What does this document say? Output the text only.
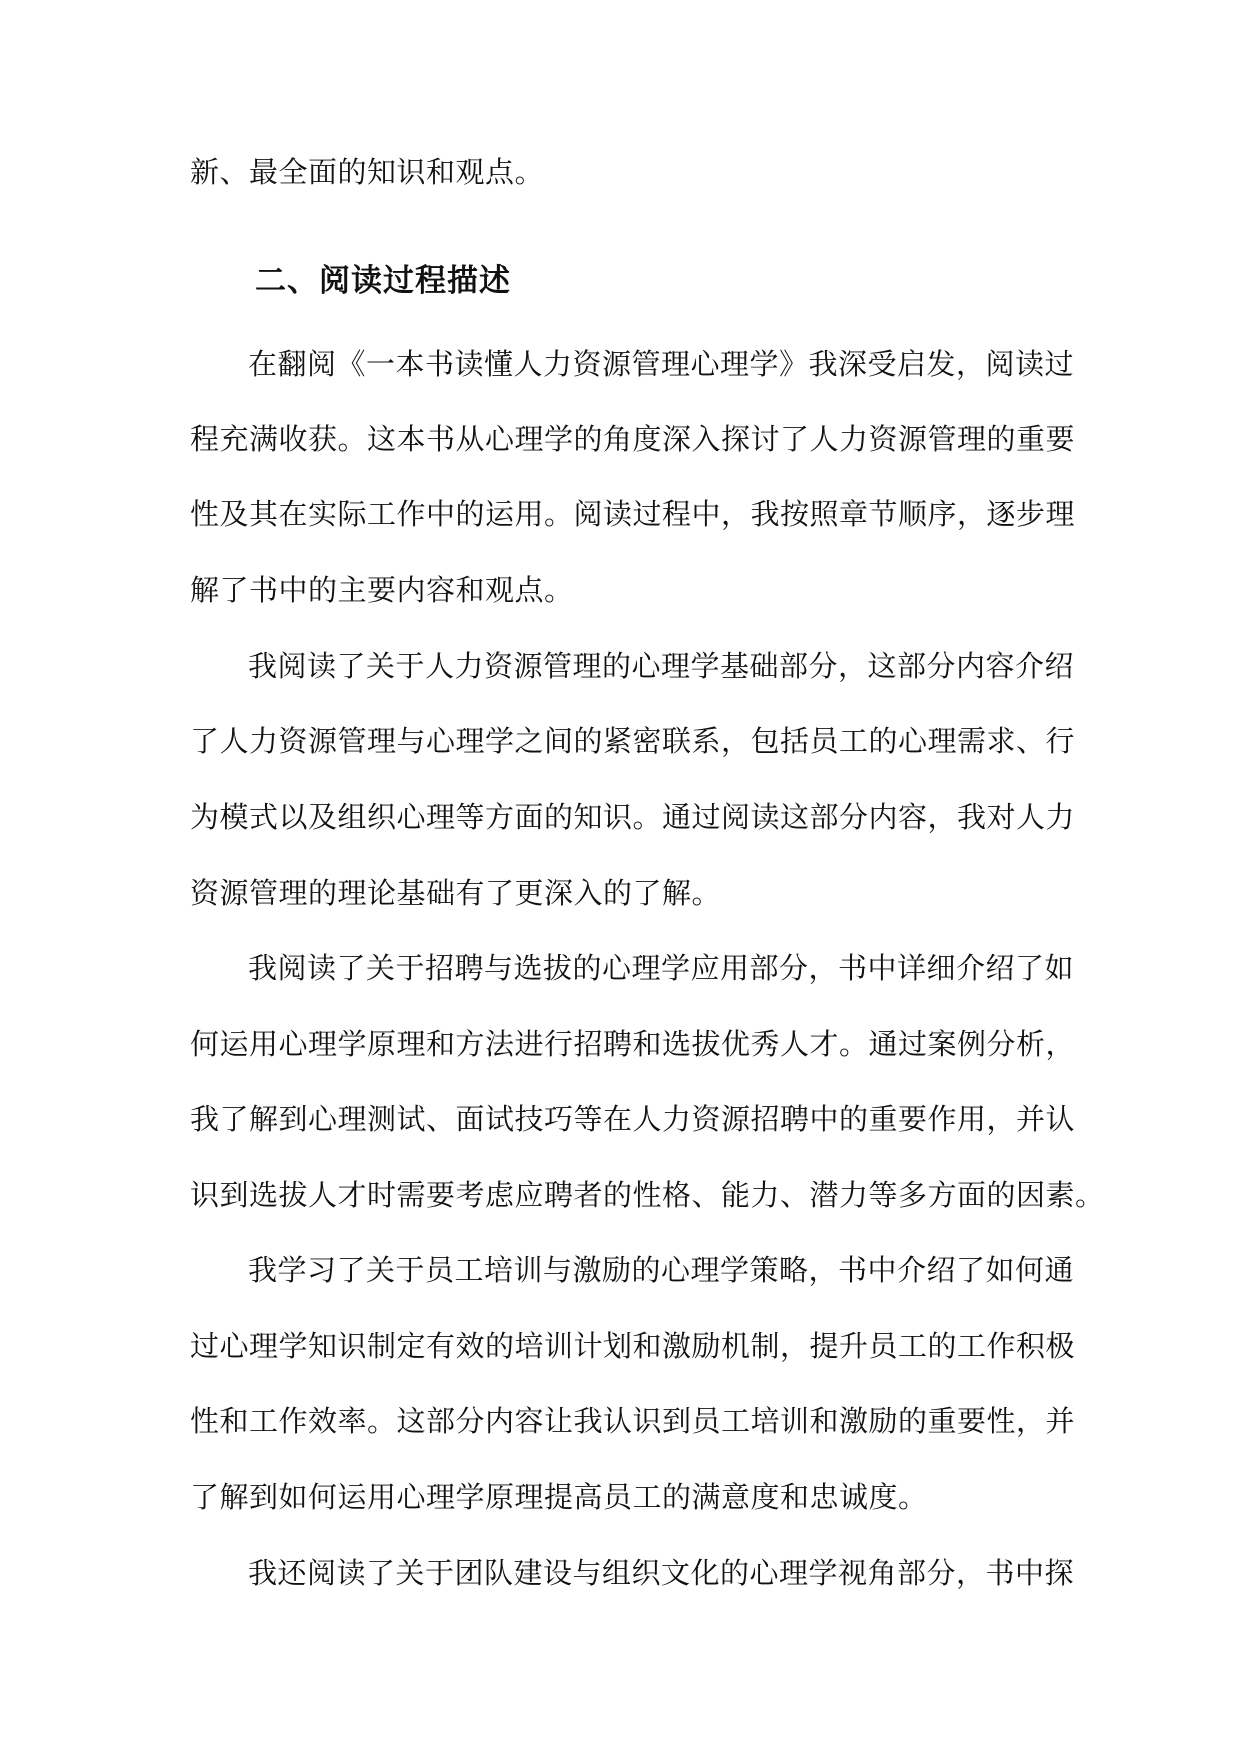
新、最全面的知识和观点。
二、阅读过程描述
在翻阅《一本书读懂人力资源管理心理学》我深受启发，阅读过
程充满收获。这本书从心理学的角度深入探讨了人力资源管理的重要
性及其在实际工作中的运用。阅读过程中，我按照章节顺序，逐步理
解了书中的主要内容和观点。
我阅读了关于人力资源管理的心理学基础部分，这部分内容介绍
了人力资源管理与心理学之间的紧密联系，包括员工的心理需求、行
为模式以及组织心理等方面的知识。通过阅读这部分内容，我对人力
资源管理的理论基础有了更深入的了解。
我阅读了关于招聘与选拔的心理学应用部分，书中详细介绍了如
何运用心理学原理和方法进行招聘和选拔优秀人才。通过案例分析，
我了解到心理测试、面试技巧等在人力资源招聘中的重要作用，并认
识到选拔人才时需要考虑应聘者的性格、能力、潜力等多方面的因素。
我学习了关于员工培训与激励的心理学策略，书中介绍了如何通
过心理学知识制定有效的培训计划和激励机制，提升员工的工作积极
性和工作效率。这部分内容让我认识到员工培训和激励的重要性，并
了解到如何运用心理学原理提高员工的满意度和忠诚度。
我还阅读了关于团队建设与组织文化的心理学视角部分，书中探
